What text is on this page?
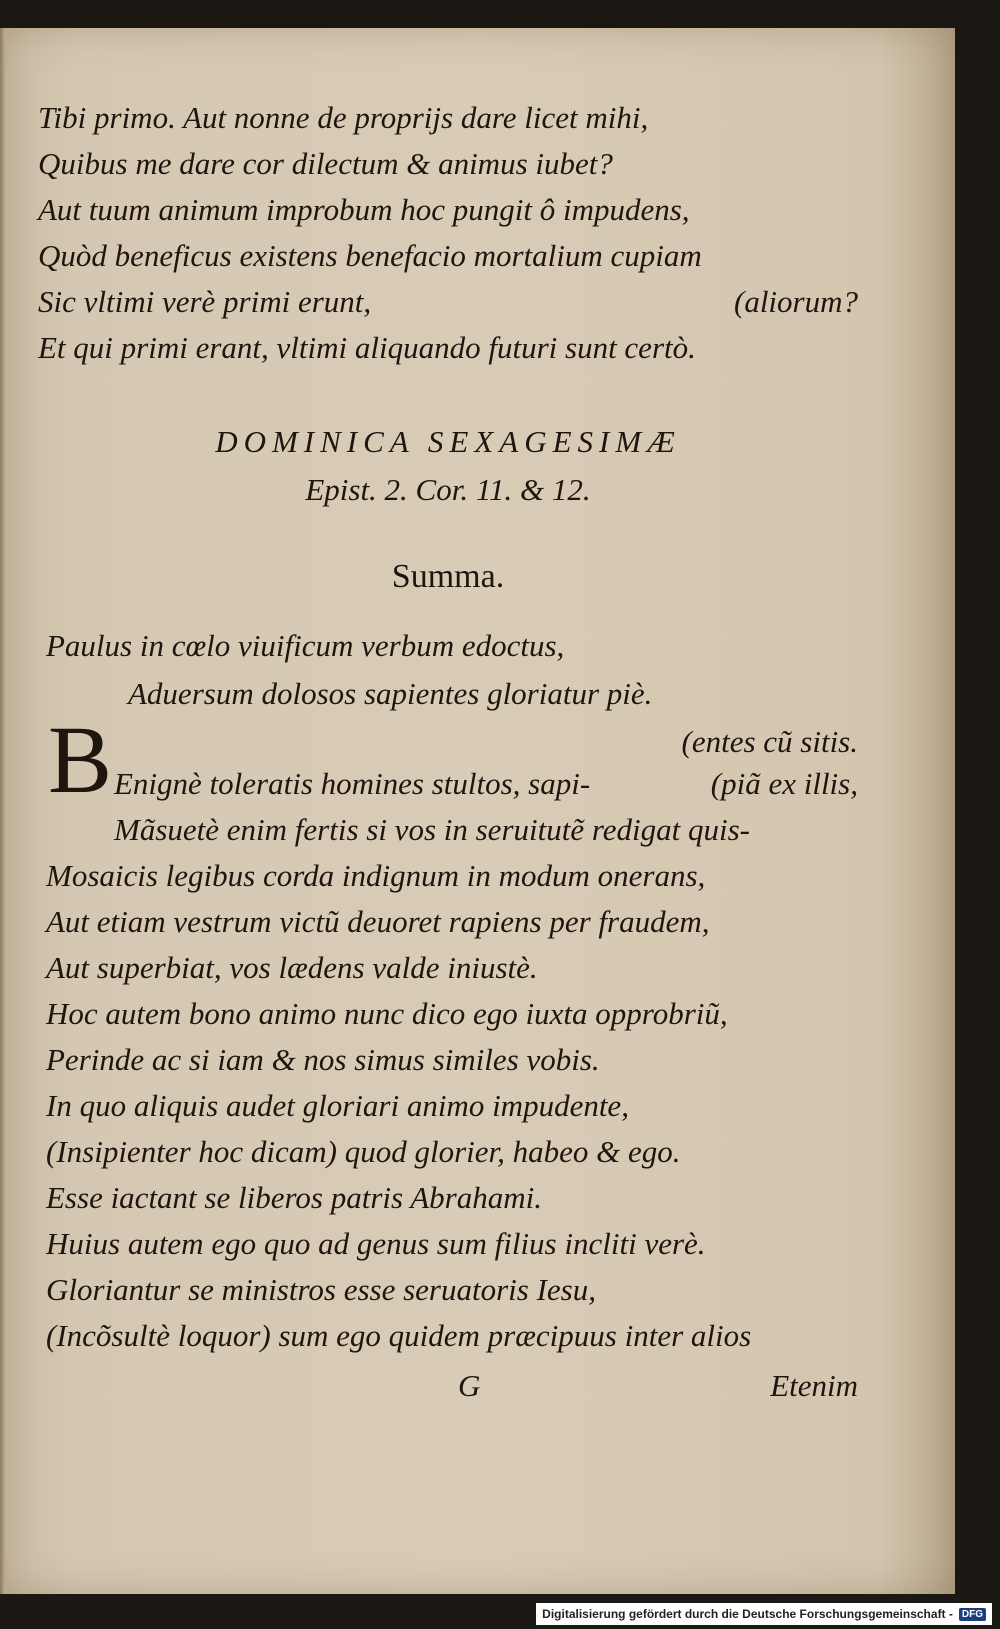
Tibi primo. Aut nonne de proprijs dare licet mihi,
Quibus me dare cor dilectum & animus iubet?
Aut tuum animum improbum hoc pungit ô impudens,
Quòd beneficus existens benefacio mortalium cupiam
Sic vltimi verè primi erunt,	(aliorum?
Et qui primi erant, vltimi aliquando futuri sunt certò.
DOMINICA SEXAGESIMÆ
Epist. 2. Cor. 11. & 12.
Summa.
Paulus in cœlo viuificum verbum edoctus,
Aduersum dolosos sapientes gloriatur piè.
(entes cũ sitis.
B Enignè toleratis homines stultos, sapi-	(piã ex illis,
Mãsuetè enim fertis si vos in seruitutẽ redigat quis-
Mosaicis legibus corda indignum in modum onerans,
Aut etiam vestrum victũ deuoret rapiens per fraudem,
Aut superbiat, vos lædens valde iniustè.
Hoc autem bono animo nunc dico ego iuxta opprobriũ,
Perinde ac si iam & nos simus similes vobis.
In quo aliquis audet gloriari animo impudente,
(Insipienter hoc dicam) quod glorier, habeo & ego.
Esse iactant se liberos patris Abrahami.
Huius autem ego quo ad genus sum filius incliti verè.
Gloriantur se ministros esse seruatoris Iesu,
(Incõsultè loquor) sum ego quidem præcipuus inter alios
G	Etenim
Digitalisierung gefördert durch die Deutsche Forschungsgemeinschaft - DFG
